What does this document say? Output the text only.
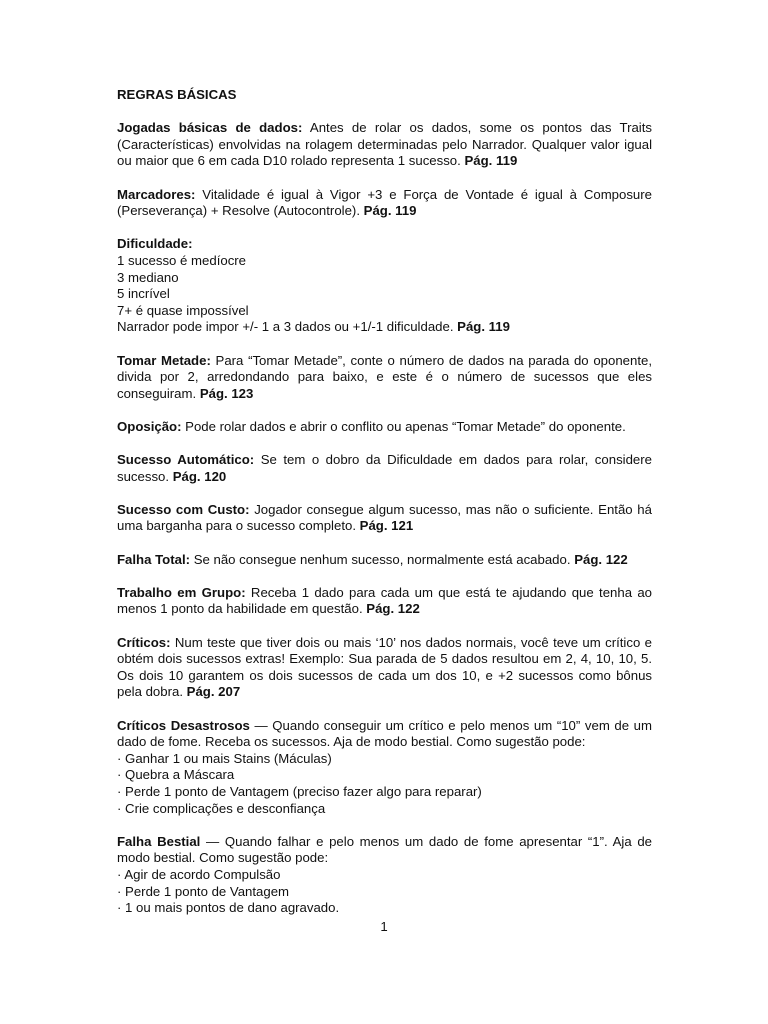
REGRAS BÁSICAS

Jogadas básicas de dados: Antes de rolar os dados, some os pontos das Traits (Características) envolvidas na rolagem determinadas pelo Narrador. Qualquer valor igual ou maior que 6 em cada D10 rolado representa 1 sucesso. Pág. 119

Marcadores: Vitalidade é igual à Vigor +3 e Força de Vontade é igual à Composure (Perseverança) + Resolve (Autocontrole). Pág. 119

Dificuldade:
1 sucesso é medíocre
3 mediano
5 incrível
7+ é quase impossível
Narrador pode impor +/- 1 a 3 dados ou +1/-1 dificuldade. Pág. 119

Tomar Metade: Para “Tomar Metade”, conte o número de dados na parada do oponente, divida por 2, arredondando para baixo, e este é o número de sucessos que eles conseguiram. Pág. 123

Oposição: Pode rolar dados e abrir o conflito ou apenas “Tomar Metade” do oponente.

Sucesso Automático: Se tem o dobro da Dificuldade em dados para rolar, considere sucesso. Pág. 120

Sucesso com Custo: Jogador consegue algum sucesso, mas não o suficiente. Então há uma barganha para o sucesso completo. Pág. 121

Falha Total: Se não consegue nenhum sucesso, normalmente está acabado. Pág. 122

Trabalho em Grupo: Receba 1 dado para cada um que está te ajudando que tenha ao menos 1 ponto da habilidade em questão. Pág. 122

Críticos: Num teste que tiver dois ou mais ‘10’ nos dados normais, você teve um crítico e obtém dois sucessos extras! Exemplo: Sua parada de 5 dados resultou em 2, 4, 10, 10, 5. Os dois 10 garantem os dois sucessos de cada um dos 10, e +2 sucessos como bônus pela dobra. Pág. 207

Críticos Desastrosos — Quando conseguir um crítico e pelo menos um “10” vem de um dado de fome. Receba os sucessos. Aja de modo bestial. Como sugestão pode:
· Ganhar 1 ou mais Stains (Máculas)
· Quebra a Máscara
· Perde 1 ponto de Vantagem (preciso fazer algo para reparar)
· Crie complicações e desconfiança

Falha Bestial — Quando falhar e pelo menos um dado de fome apresentar “1”. Aja de modo bestial. Como sugestão pode:
· Agir de acordo Compulsão
· Perde 1 ponto de Vantagem
· 1 ou mais pontos de dano agravado.

1
